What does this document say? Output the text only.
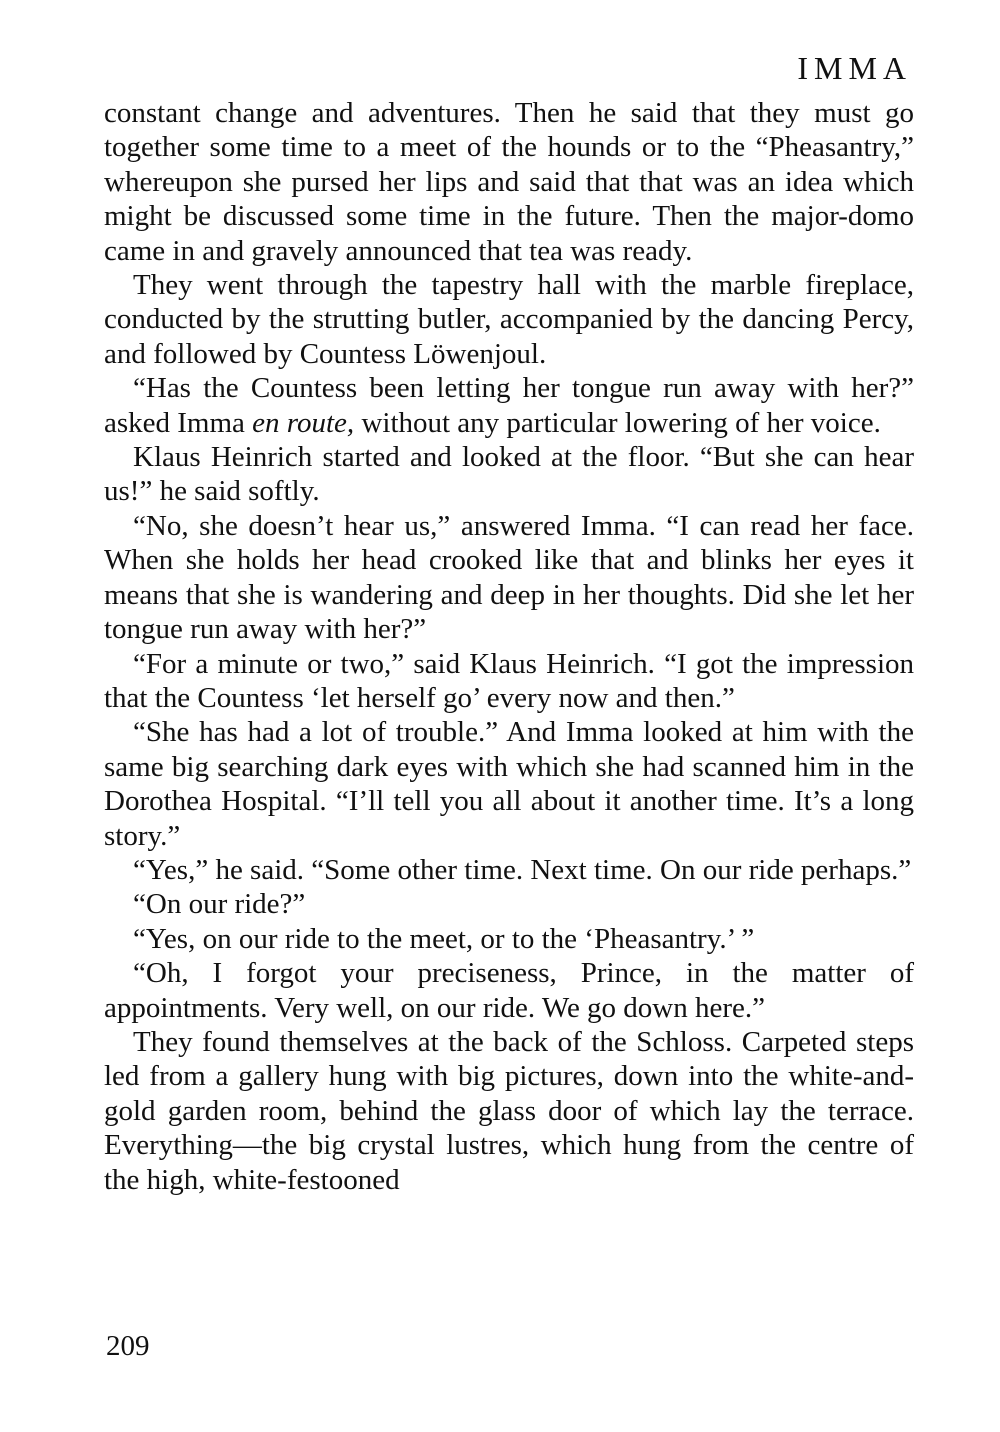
IMMA

constant change and adventures. Then he said that they must go together some time to a meet of the hounds or to the “Pheasantry,” whereupon she pursed her lips and said that that was an idea which might be discussed some time in the future. Then the major-domo came in and gravely announced that tea was ready.

They went through the tapestry hall with the marble fireplace, conducted by the strutting butler, accompanied by the dancing Percy, and followed by Countess Löwenjoul.

“Has the Countess been letting her tongue run away with her?” asked Imma en route, without any particular lowering of her voice.

Klaus Heinrich started and looked at the floor. “But she can hear us!” he said softly.

“No, she doesn’t hear us,” answered Imma. “I can read her face. When she holds her head crooked like that and blinks her eyes it means that she is wandering and deep in her thoughts. Did she let her tongue run away with her?”

“For a minute or two,” said Klaus Heinrich. “I got the impression that the Countess ‘let herself go’ every now and then.”

“She has had a lot of trouble.” And Imma looked at him with the same big searching dark eyes with which she had scanned him in the Dorothea Hospital. “I’ll tell you all about it another time. It’s a long story.”

“Yes,” he said. “Some other time. Next time. On our ride perhaps.”

“On our ride?”

“Yes, on our ride to the meet, or to the ‘Pheasantry.’ ”

“Oh, I forgot your preciseness, Prince, in the matter of appointments. Very well, on our ride. We go down here.”

They found themselves at the back of the Schloss. Carpeted steps led from a gallery hung with big pictures, down into the white-and-gold garden room, behind the glass door of which lay the terrace. Everything—the big crystal lustres, which hung from the centre of the high, white-festooned

209
